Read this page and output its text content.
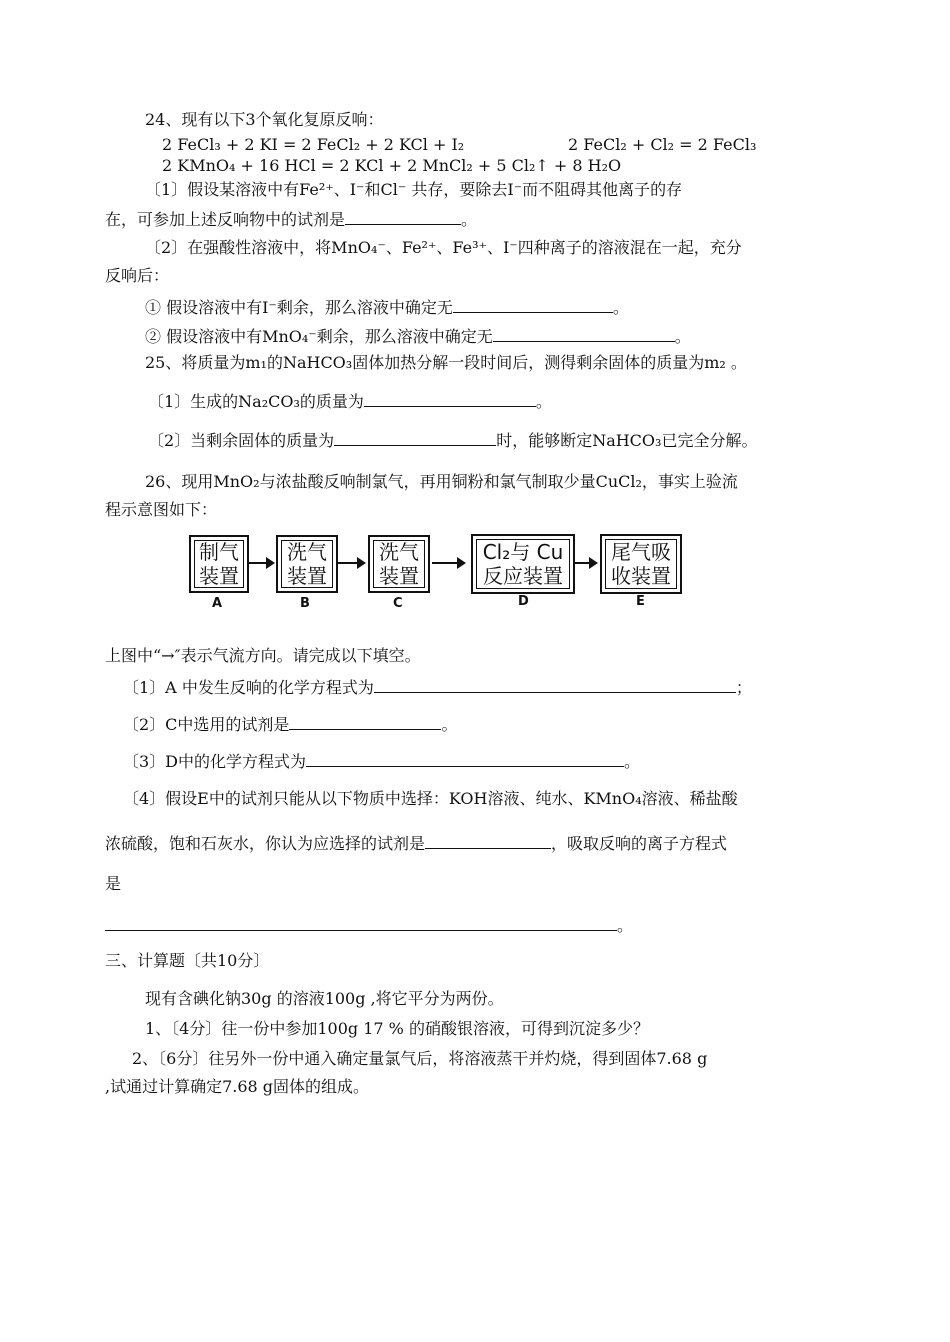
24、现有以下3个氧化复原反响：
2 FeCl₃ + 2 KI = 2 FeCl₂ + 2 KCl + I₂	2 FeCl₂ + Cl₂ = 2 FeCl₃
2 KMnO₄ + 16 HCl = 2 KCl + 2 MnCl₂ + 5 Cl₂↑ + 8 H₂O
〔1〕假设某溶液中有Fe²⁺、I⁻和Cl⁻ 共存，要除去I⁻而不阻碍其他离子的存
在，可参加上述反响物中的试剂是	。
〔2〕在强酸性溶液中，将MnO₄⁻、Fe²⁺、Fe³⁺、I⁻四种离子的溶液混在一起，充分
反响后：
① 假设溶液中有I⁻剩余，那么溶液中确定无	。
② 假设溶液中有MnO₄⁻剩余，那么溶液中确定无	。
25、将质量为m₁的NaHCO₃固体加热分解一段时间后，测得剩余固体的质量为m₂ 。
〔1〕生成的Na₂CO₃的质量为	。
〔2〕当剩余固体的质量为	时，能够断定NaHCO₃已完全分解。
26、现用MnO₂与浓盐酸反响制氯气，再用铜粉和氯气制取少量CuCl₂，事实上验流
程示意图如下：
制气
装置
A
洗气
装置
B
洗气
装置
C
Cl₂与 Cu
反应装置
D
尾气吸
收装置
E
上图中“→″表示气流方向。请完成以下填空。
〔1〕A 中发生反响的化学方程式为	；
〔2〕C中选用的试剂是	。
〔3〕D中的化学方程式为	。
〔4〕假设E中的试剂只能从以下物质中选择：KOH溶液、纯水、KMnO₄溶液、稀盐酸
浓硫酸，饱和石灰水，你认为应选择的试剂是	，吸取反响的离子方程式
是
。
三、计算题〔共10分〕
现有含碘化钠30g 的溶液100g ,将它平分为两份。
1、〔4分〕往一份中参加100g 17 % 的硝酸银溶液，可得到沉淀多少？
2、〔6分〕往另外一份中通入确定量氯气后，将溶液蒸干并灼烧，得到固体7.68 g
,试通过计算确定7.68 g固体的组成。
